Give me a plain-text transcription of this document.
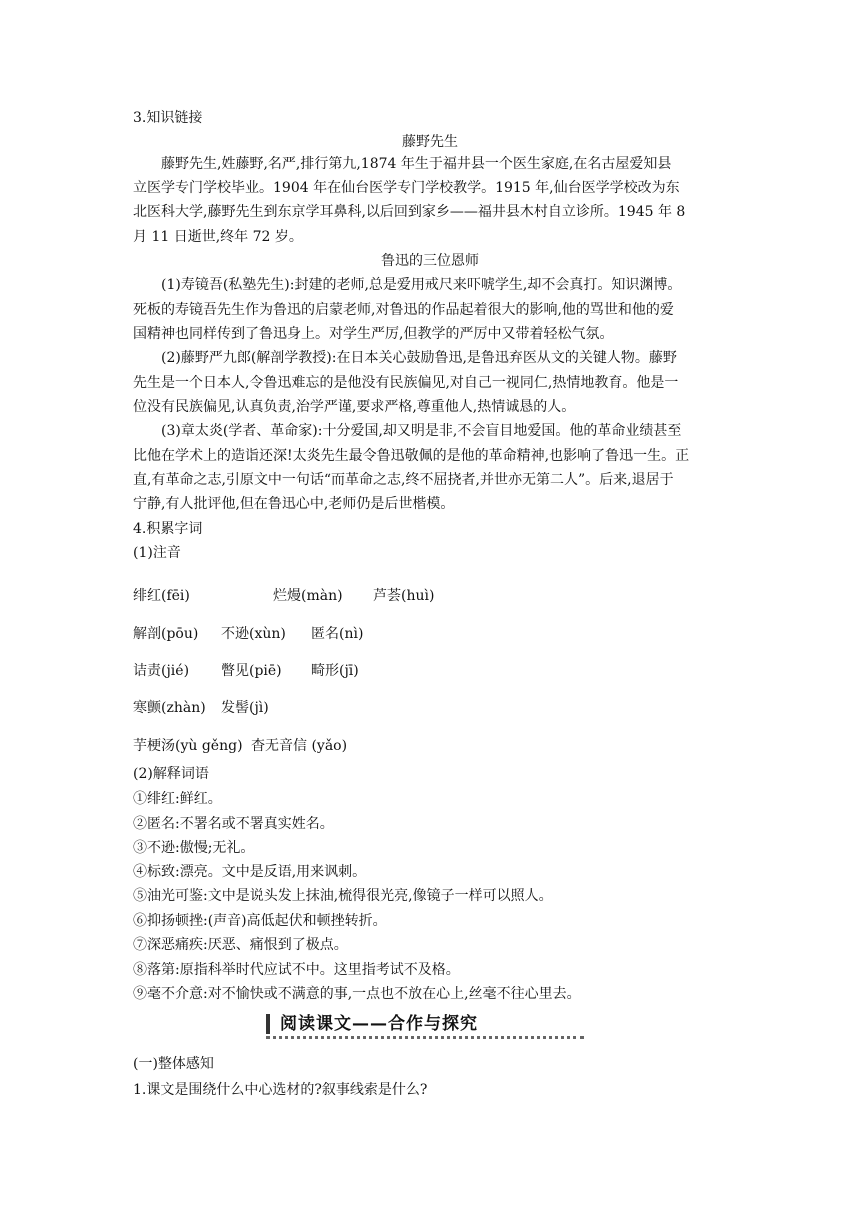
3.知识链接
藤野先生
藤野先生,姓藤野,名严,排行第九,1874 年生于福井县一个医生家庭,在名古屋爱知县
立医学专门学校毕业。1904 年在仙台医学专门学校教学。1915 年,仙台医学学校改为东
北医科大学,藤野先生到东京学耳鼻科,以后回到家乡——福井县木村自立诊所。1945 年 8
月 11 日逝世,终年 72 岁。
鲁迅的三位恩师
(1)寿镜吾(私塾先生):封建的老师,总是爱用戒尺来吓唬学生,却不会真打。知识渊博。
死板的寿镜吾先生作为鲁迅的启蒙老师,对鲁迅的作品起着很大的影响,他的骂世和他的爱
国精神也同样传到了鲁迅身上。对学生严厉,但教学的严厉中又带着轻松气氛。
(2)藤野严九郎(解剖学教授):在日本关心鼓励鲁迅,是鲁迅弃医从文的关键人物。藤野
先生是一个日本人,令鲁迅难忘的是他没有民族偏见,对自己一视同仁,热情地教育。他是一
位没有民族偏见,认真负责,治学严谨,要求严格,尊重他人,热情诚恳的人。
(3)章太炎(学者、革命家):十分爱国,却又明是非,不会盲目地爱国。他的革命业绩甚至
比他在学术上的造诣还深!太炎先生最令鲁迅敬佩的是他的革命精神,也影响了鲁迅一生。正
直,有革命之志,引原文中一句话“而革命之志,终不屈挠者,并世亦无第二人”。后来,退居于
宁静,有人批评他,但在鲁迅心中,老师仍是后世楷模。
4.积累字词
(1)注音
绯红(fēi)	烂熳(màn) 芦荟(huì)
解剖(pōu) 不逊(xùn) 匿名(nì)
诘责(jié) 瞥见(piē) 畸形(jī)
寒颤(zhàn) 发髻(jì)
芋梗汤(yù gěng) 杳无音信 (yǎo)
(2)解释词语
①绯红:鲜红。
②匿名:不署名或不署真实姓名。
③不逊:傲慢;无礼。
④标致:漂亮。文中是反语,用来讽刺。
⑤油光可鉴:文中是说头发上抹油,梳得很光亮,像镜子一样可以照人。
⑥抑扬顿挫:(声音)高低起伏和顿挫转折。
⑦深恶痛疾:厌恶、痛恨到了极点。
⑧落第:原指科举时代应试不中。这里指考试不及格。
⑨毫不介意:对不愉快或不满意的事,一点也不放在心上,丝毫不往心里去。
阅读课文——合作与探究
(一)整体感知
1.课文是围绕什么中心选材的?叙事线索是什么?
